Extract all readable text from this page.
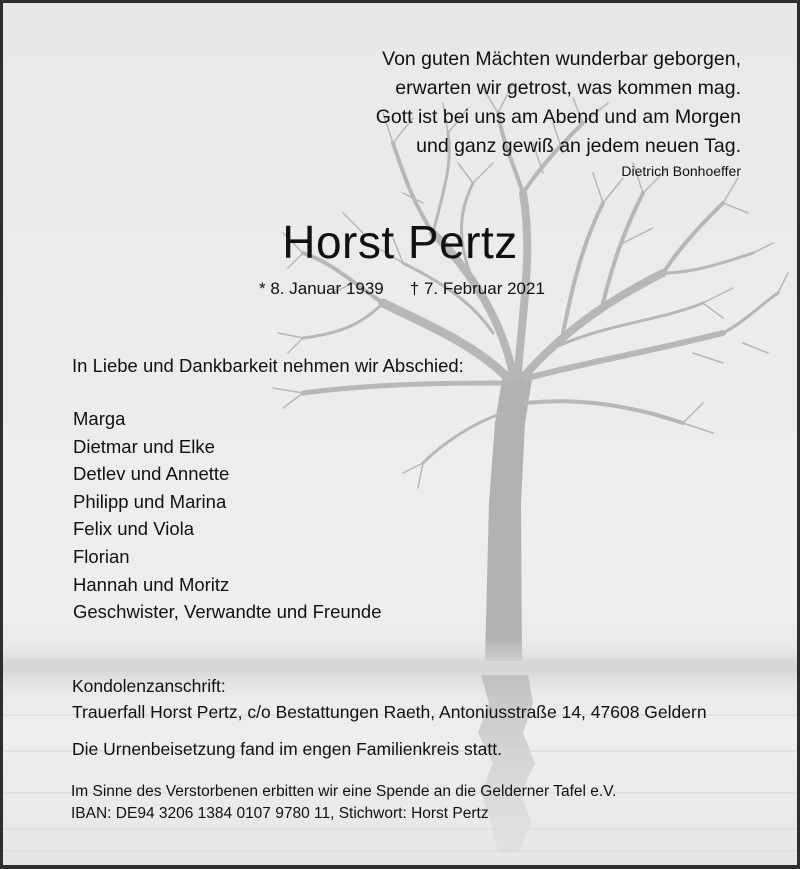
Von guten Mächten wunderbar geborgen,
erwarten wir getrost, was kommen mag.
Gott ist bei uns am Abend und am Morgen
und ganz gewiß an jedem neuen Tag.
Dietrich Bonhoeffer
Horst Pertz
* 8. Januar 1939 † 7. Februar 2021
In Liebe und Dankbarkeit nehmen wir Abschied:
Marga
Dietmar und Elke
Detlev und Annette
Philipp und Marina
Felix und Viola
Florian
Hannah und Moritz
Geschwister, Verwandte und Freunde
Kondolenzanschrift:
Trauerfall Horst Pertz, c/o Bestattungen Raeth, Antoniusstraße 14, 47608 Geldern
Die Urnenbeisetzung fand im engen Familienkreis statt.
Im Sinne des Verstorbenen erbitten wir eine Spende an die Gelderner Tafel e.V.
IBAN: DE94 3206 1384 0107 9780 11, Stichwort: Horst Pertz
